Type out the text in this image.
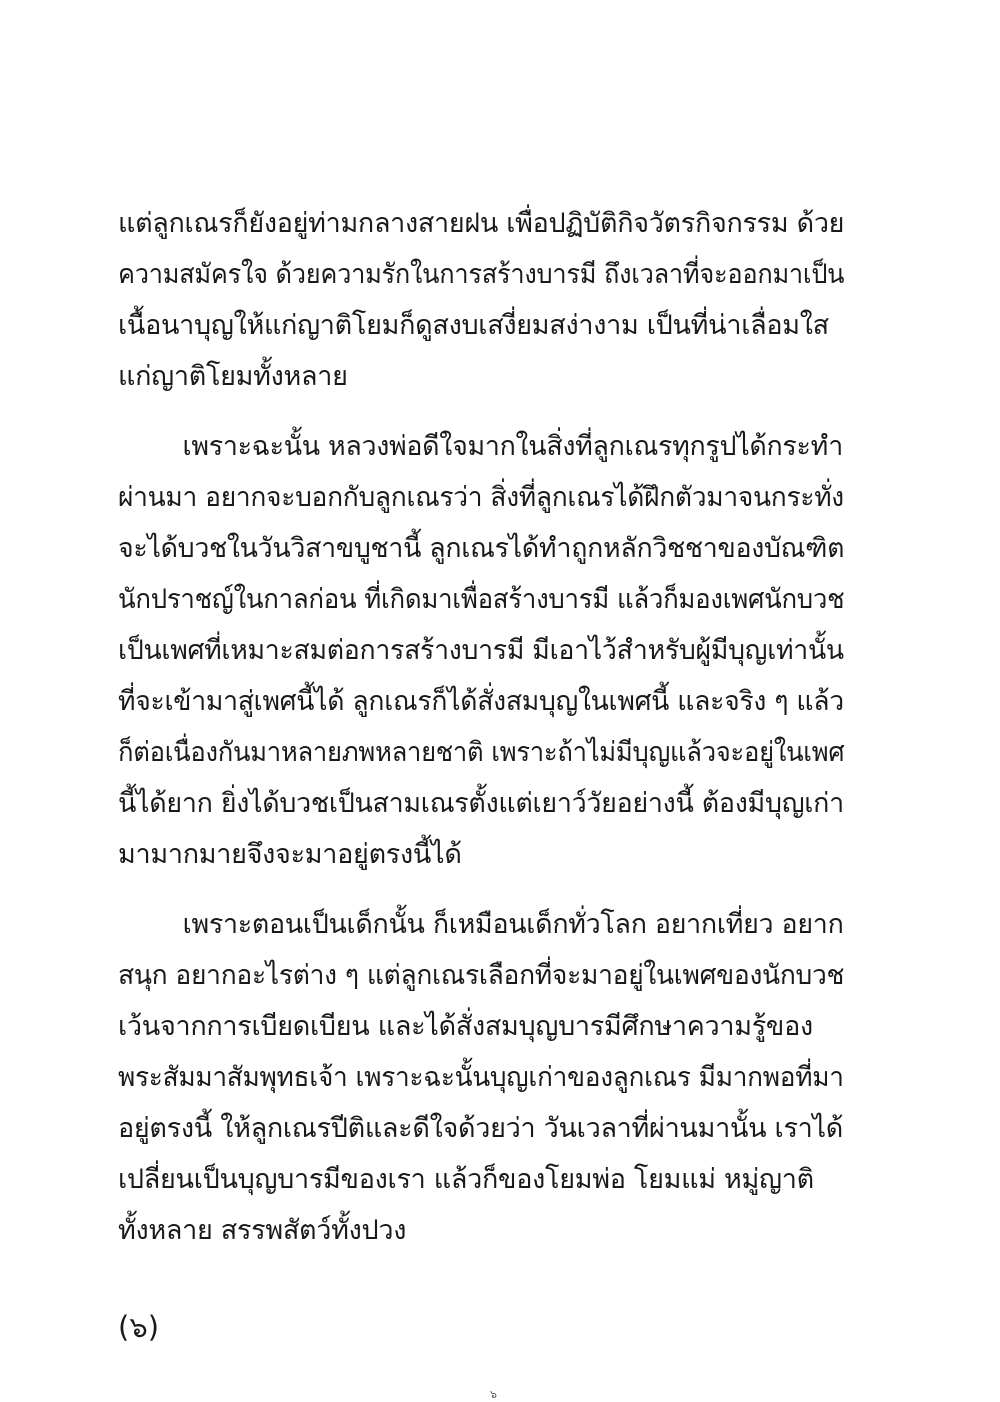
แต่ลูกเณรก็ยังอยู่ท่ามกลางสายฝน เพื่อปฏิบัติกิจวัตรกิจกรรม ด้วย
ความสมัครใจ ด้วยความรักในการสร้างบารมี ถึงเวลาที่จะออกมาเป็น
เนื้อนาบุญให้แก่ญาติโยมก็ดูสงบเสงี่ยมสง่างาม เป็นที่น่าเลื่อมใส
แก่ญาติโยมทั้งหลาย

เพราะฉะนั้น หลวงพ่อดีใจมากในสิ่งที่ลูกเณรทุกรูปได้กระทำ
ผ่านมา อยากจะบอกกับลูกเณรว่า สิ่งที่ลูกเณรได้ฝึกตัวมาจนกระทั่ง
จะได้บวชในวันวิสาขบูชานี้ ลูกเณรได้ทำถูกหลักวิชชาของบัณฑิต
นักปราชญ์ในกาลก่อน ที่เกิดมาเพื่อสร้างบารมี แล้วก็มองเพศนักบวช
เป็นเพศที่เหมาะสมต่อการสร้างบารมี มีเอาไว้สำหรับผู้มีบุญเท่านั้น
ที่จะเข้ามาสู่เพศนี้ได้ ลูกเณรก็ได้สั่งสมบุญในเพศนี้ และจริง ๆ แล้ว
ก็ต่อเนื่องกันมาหลายภพหลายชาติ เพราะถ้าไม่มีบุญแล้วจะอยู่ในเพศ
นี้ได้ยาก ยิ่งได้บวชเป็นสามเณรตั้งแต่เยาว์วัยอย่างนี้ ต้องมีบุญเก่า
มามากมายจึงจะมาอยู่ตรงนี้ได้

เพราะตอนเป็นเด็กนั้น ก็เหมือนเด็กทั่วโลก อยากเที่ยว อยาก
สนุก อยากอะไรต่าง ๆ แต่ลูกเณรเลือกที่จะมาอยู่ในเพศของนักบวช
เว้นจากการเบียดเบียน และได้สั่งสมบุญบารมีศึกษาความรู้ของ
พระสัมมาสัมพุทธเจ้า เพราะฉะนั้นบุญเก่าของลูกเณร มีมากพอที่มา
อยู่ตรงนี้ ให้ลูกเณรปีติและดีใจด้วยว่า วันเวลาที่ผ่านมานั้น เราได้
เปลี่ยนเป็นบุญบารมีของเรา แล้วก็ของโยมพ่อ โยมแม่ หมู่ญาติ
ทั้งหลาย สรรพสัตว์ทั้งปวง

(๖)
๖
